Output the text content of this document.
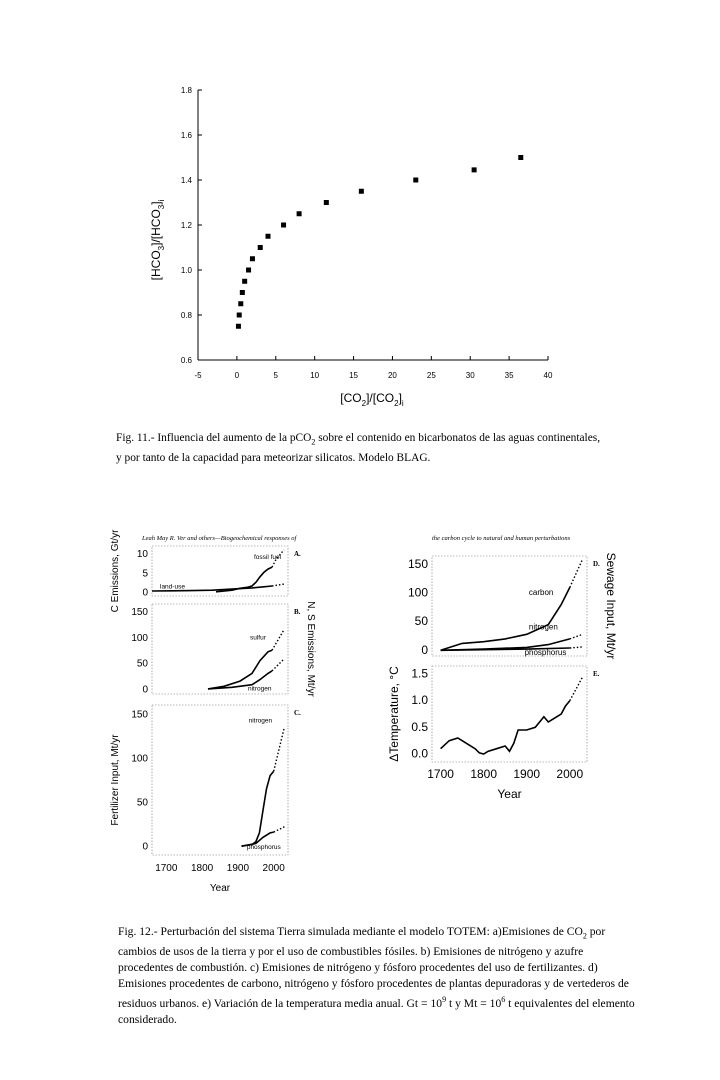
0.6
0.8
1.0
1.2
1.4
1.6
1.8
-5	0	5	10	15	20	25	30	35	40
$[HCO_3]/[HCO_3]_i$
$[CO_2]/[CO_2]_i$
Fig. 11.- Influencia del aumento de la pCO$_2$ sobre el contenido en bicarbonatos de las aguas continentales,
y por tanto de la capacidad para meteorizar silicatos. Modelo BLAG.
Leah May R. Ver and others—Biogeochemical responses of	the carbon cycle to natural and human perturbations
A.
0
5
10
C Emissions, Gt/yr	fossil fuel
land-use
B.
0
50
100
150	N, S Emissions, Mt/yr
sulfur
nitrogen
C.
0
50
100
150
1700 1800 1900 2000
Fertilizer Input, Mt/yr
nitrogen
phosphorus
Year
D.
0
50
100
150	Sewage Input, Mt/yr
carbon
nitrogen
phosphorus
E.
0.0
0.5
1.0
1.5
1700 1800 1900 2000
ΔTemperature, °C
Year
Fig. 12.- Perturbación del sistema Tierra simulada mediante el modelo TOTEM: a)Emisiones de $CO_2$ por
cambios de usos de la tierra y por el uso de combustibles fósiles. b) Emisiones de nitrógeno y azufre
procedentes de combustión. c) Emisiones de nitrógeno y fósforo procedentes del uso de fertilizantes. d)
Emisiones procedentes de carbono, nitrógeno y fósforo procedentes de plantas depuradoras y de vertederos de
residuos urbanos. e) Variación de la temperatura media anual. $Gt = 10^9$ t y $Mt = 10^6$ t equivalentes del elemento
considerado.
